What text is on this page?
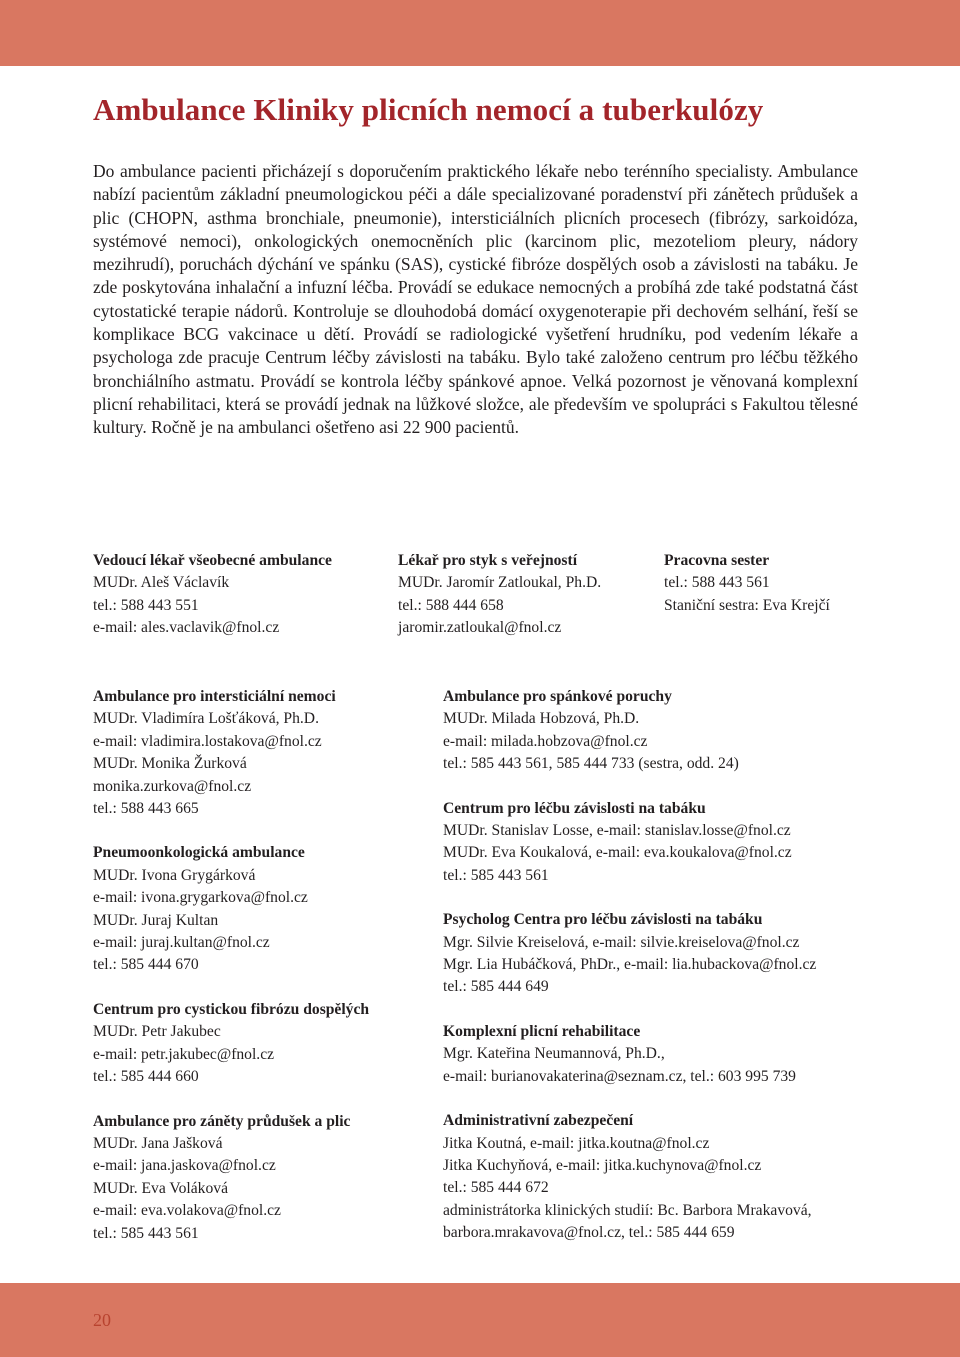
Ambulance Kliniky plicních nemocí a tuberkulózy

Do ambulance pacienti přicházejí s doporučením praktického lékaře nebo terénního specialisty. Ambulance nabízí pacientům základní pneumologickou péči a dále specializované poradenství při zánětech průdušek a plic (CHOPN, asthma bronchiale, pneumonie), intersticiálních plicních procesech (fibrózy, sarkoidóza, systémové nemoci), onkologických onemocněních plic (karcinom plic, mezoteliom pleury, nádory mezihrudí), poruchách dýchání ve spánku (SAS), cystické fibróze dospělých osob a závislosti na tabáku. Je zde poskytována inhalační a infuzní léčba. Provádí se edukace nemocných a probíhá zde také podstatná část cytostatické terapie nádorů. Kontroluje se dlouhodobá domácí oxygenoterapie při dechovém selhání, řeší se komplikace BCG vakcinace u dětí. Provádí se radiologické vyšetření hrudníku, pod vedením lékaře a psychologa zde pracuje Centrum léčby závislosti na tabáku. Bylo také založeno centrum pro léčbu těžkého bronchiálního astmatu. Provádí se kontrola léčby spánkové apnoe. Velká pozornost je věnovaná komplexní plicní rehabilitaci, která se provádí jednak na lůžkové složce, ale především ve spolupráci s Fakultou tělesné kultury. Ročně je na ambulanci ošetřeno asi 22 900 pacientů.

Vedoucí lékař všeobecné ambulance

MUDr. Aleš Václavík

tel.: 588 443 551

e-mail: ales.vaclavik@fnol.cz

Lékař pro styk s veřejností

MUDr. Jaromír Zatloukal, Ph.D.

tel.: 588 444 658

jaromir.zatloukal@fnol.cz

Pracovna sester

tel.: 588 443 561

Staniční sestra: Eva Krejčí

Ambulance pro intersticiální nemoci

MUDr. Vladimíra Lošťáková, Ph.D.

e-mail: vladimira.lostakova@fnol.cz

MUDr. Monika Žurková

monika.zurkova@fnol.cz

tel.: 588 443 665

Pneumoonkologická ambulance

MUDr. Ivona Grygárková

e-mail: ivona.grygarkova@fnol.cz

MUDr. Juraj Kultan

e-mail: juraj.kultan@fnol.cz

tel.: 585 444 670

Centrum pro cystickou fibrózu dospělých

MUDr. Petr Jakubec

e-mail: petr.jakubec@fnol.cz

tel.: 585 444 660

Ambulance pro záněty průdušek a plic

MUDr. Jana Jašková

e-mail: jana.jaskova@fnol.cz

MUDr. Eva Voláková

e-mail: eva.volakova@fnol.cz

tel.: 585 443 561

Ambulance pro spánkové poruchy

MUDr. Milada Hobzová, Ph.D.

e-mail: milada.hobzova@fnol.cz

tel.: 585 443 561, 585 444 733 (sestra, odd. 24)

Centrum pro léčbu závislosti na tabáku

MUDr. Stanislav Losse, e-mail: stanislav.losse@fnol.cz

MUDr. Eva Koukalová, e-mail: eva.koukalova@fnol.cz

tel.: 585 443 561

Psycholog Centra pro léčbu závislosti na tabáku

Mgr. Silvie Kreiselová, e-mail: silvie.kreiselova@fnol.cz

Mgr. Lia Hubáčková, PhDr., e-mail: lia.hubackova@fnol.cz

tel.: 585 444 649

Komplexní plicní rehabilitace

Mgr. Kateřina Neumannová, Ph.D.,

e-mail: burianovakaterina@seznam.cz, tel.: 603 995 739

Administrativní zabezpečení

Jitka Koutná, e-mail: jitka.koutna@fnol.cz

Jitka Kuchyňová, e-mail: jitka.kuchynova@fnol.cz

tel.: 585 444 672

administrátorka klinických studií: Bc. Barbora Mrakavová,

barbora.mrakavova@fnol.cz, tel.: 585 444 659

20
